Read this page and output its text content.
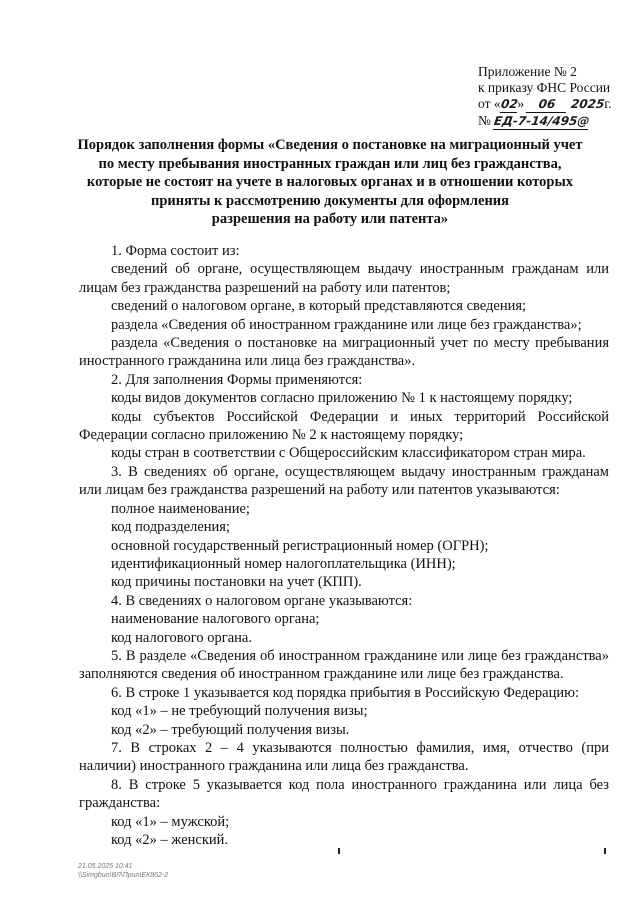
Приложение № 2
к приказу ФНС России
от «02» 06 2025г.
№ ЕД-7-14/495@
Порядок заполнения формы «Сведения о постановке на миграционный учет
по месту пребывания иностранных граждан или лиц без гражданства,
которые не состоят на учете в налоговых органах и в отношении которых
приняты к рассмотрению документы для оформления
разрешения на работу или патента»

1. Форма состоит из:

сведений об органе, осуществляющем выдачу иностранным гражданам или лицам без гражданства разрешений на работу или патентов;

сведений о налоговом органе, в который представляются сведения;

раздела «Сведения об иностранном гражданине или лице без гражданства»;

раздела «Сведения о постановке на миграционный учет по месту пребывания иностранного гражданина или лица без гражданства».

2. Для заполнения Формы применяются:

коды видов документов согласно приложению № 1 к настоящему порядку;

коды субъектов Российской Федерации и иных территорий Российской Федерации согласно приложению № 2 к настоящему порядку;

коды стран в соответствии с Общероссийским классификатором стран мира.

3. В сведениях об органе, осуществляющем выдачу иностранным гражданам или лицам без гражданства разрешений на работу или патентов указываются:

полное наименование;

код подразделения;

основной государственный регистрационный номер (ОГРН);

идентификационный номер налогоплательщика (ИНН);

код причины постановки на учет (КПП).

4. В сведениях о налоговом органе указываются:

наименование налогового органа;

код налогового органа.

5. В разделе «Сведения об иностранном гражданине или лице без гражданства» заполняются сведения об иностранном гражданине или лице без гражданства.

6. В строке 1 указывается код порядка прибытия в Российскую Федерацию:

код «1» – не требующий получения визы;

код «2» – требующий получения визы.

7. В строках 2 – 4 указываются полностью фамилия, имя, отчество (при наличии) иностранного гражданина или лица без гражданства.

8. В строке 5 указывается код пола иностранного гражданина или лица без гражданства:

код «1» – мужской;

код «2» – женский.

21.05.2025 10:41
\\Simgbuo\ВЛ\Прил\ЕК862-2
